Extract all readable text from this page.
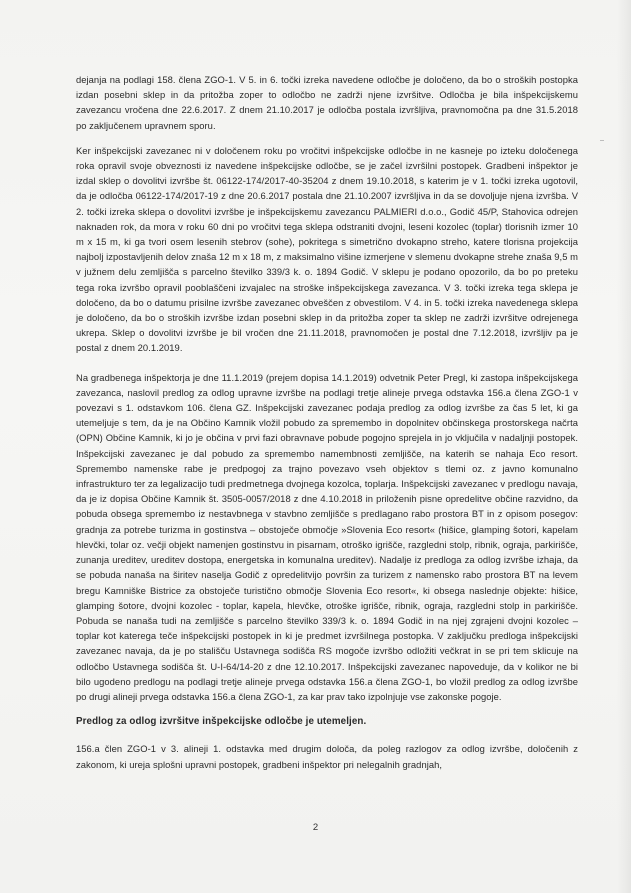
dejanja na podlagi 158. člena ZGO-1. V 5. in 6. točki izreka navedene odločbe je določeno, da bo o stroških postopka izdan posebni sklep in da pritožba zoper to odločbo ne zadrži njene izvršitve. Odločba je bila inšpekcijskemu zavezancu vročena dne 22.6.2017. Z dnem 21.10.2017 je odločba postala izvršljiva, pravnomočna pa dne 31.5.2018 po zaključenem upravnem sporu.

Ker inšpekcijski zavezanec ni v določenem roku po vročitvi inšpekcijske odločbe in ne kasneje po izteku določenega roka opravil svoje obveznosti iz navedene inšpekcijske odločbe, se je začel izvršilni postopek. Gradbeni inšpektor je izdal sklep o dovolitvi izvršbe št. 06122-174/2017-40-35204 z dnem 19.10.2018, s katerim je v 1. točki izreka ugotovil, da je odločba 06122-174/2017-19 z dne 20.6.2017 postala dne 21.10.2007 izvršljiva in da se dovoljuje njena izvršba. V 2. točki izreka sklepa o dovolitvi izvršbe je inšpekcijskemu zavezancu PALMIERI d.o.o., Godič 45/P, Stahovica odrejen naknaden rok, da mora v roku 60 dni po vročitvi tega sklepa odstraniti dvojni, leseni kozolec (toplar) tlorisnih izmer 10 m x 15 m, ki ga tvori osem lesenih stebrov (sohe), pokritega s simetrično dvokapno streho, katere tlorisna projekcija najbolj izpostavljenih delov znaša 12 m x 18 m, z maksimalno višine izmerjene v slemenu dvokapne strehe znaša 9,5 m v južnem delu zemljišča s parcelno številko 339/3 k. o. 1894 Godič. V sklepu je podano opozorilo, da bo po preteku tega roka izvršbo opravil pooblaščeni izvajalec na stroške inšpekcijskega zavezanca. V 3. točki izreka tega sklepa je določeno, da bo o datumu prisilne izvršbe zavezanec obveščen z obvestilom. V 4. in 5. točki izreka navedenega sklepa je določeno, da bo o stroških izvršbe izdan posebni sklep in da pritožba zoper ta sklep ne zadrži izvršitve odrejenega ukrepa. Sklep o dovolitvi izvršbe je bil vročen dne 21.11.2018, pravnomočen je postal dne 7.12.2018, izvršljiv pa je postal z dnem 20.1.2019.

Na gradbenega inšpektorja je dne 11.1.2019 (prejem dopisa 14.1.2019) odvetnik Peter Pregl, ki zastopa inšpekcijskega zavezanca, naslovil predlog za odlog upravne izvršbe na podlagi tretje alineje prvega odstavka 156.a člena ZGO-1 v povezavi s 1. odstavkom 106. člena GZ. Inšpekcijski zavezanec podaja predlog za odlog izvršbe za čas 5 let, ki ga utemeljuje s tem, da je na Občino Kamnik vložil pobudo za spremembo in dopolnitev občinskega prostorskega načrta (OPN) Občine Kamnik, ki jo je občina v prvi fazi obravnave pobude pogojno sprejela in jo vključila v nadaljnji postopek. Inšpekcijski zavezanec je dal pobudo za spremembo namembnosti zemljišče, na katerih se nahaja Eco resort. Spremembo namenske rabe je predpogoj za trajno povezavo vseh objektov s tlemi oz. z javno komunalno infrastrukturo ter za legalizacijo tudi predmetnega dvojnega kozolca, toplarja. Inšpekcijski zavezanec v predlogu navaja, da je iz dopisa Občine Kamnik št. 3505-0057/2018 z dne 4.10.2018 in priloženih pisne opredelitve občine razvidno, da pobuda obsega spremembo iz nestavbnega v stavbno zemljišče s predlagano rabo prostora BT in z opisom posegov: gradnja za potrebe turizma in gostinstva – obstoječe območje »Slovenia Eco resort« (hišice, glamping šotori, kapelam hlevčki, tolar oz. večji objekt namenjen gostinstvu in pisarnam, otroško igrišče, razgledni stolp, ribnik, ograja, parkirišče, zunanja ureditev, ureditev dostopa, energetska in komunalna ureditev). Nadalje iz predloga za odlog izvršbe izhaja, da se pobuda nanaša na širitev naselja Godič z opredelitvijo površin za turizem z namensko rabo prostora BT na levem bregu Kamniške Bistrice za obstoječe turistično območje Slovenia Eco resort«, ki obsega naslednje objekte: hišice, glamping šotore, dvojni kozolec - toplar, kapela, hlevčke, otroške igrišče, ribnik, ograja, razgledni stolp in parkirišče. Pobuda se nanaša tudi na zemljišče s parcelno številko 339/3 k. o. 1894 Godič in na njej zgrajeni dvojni kozolec – toplar kot katerega teče inšpekcijski postopek in ki je predmet izvršilnega postopka. V zaključku predloga inšpekcijski zavezanec navaja, da je po stališču Ustavnega sodišča RS mogoče izvršbo odložiti večkrat in se pri tem sklicuje na odločbo Ustavnega sodišča št. U-I-64/14-20 z dne 12.10.2017. Inšpekcijski zavezanec napoveduje, da v kolikor ne bi bilo ugodeno predlogu na podlagi tretje alineje prvega odstavka 156.a člena ZGO-1, bo vložil predlog za odlog izvršbe po drugi alineji prvega odstavka 156.a člena ZGO-1, za kar prav tako izpolnjuje vse zakonske pogoje.

Predlog za odlog izvršitve inšpekcijske odločbe je utemeljen.

156.a člen ZGO-1 v 3. alineji 1. odstavka med drugim določa, da poleg razlogov za odlog izvršbe, določenih z zakonom, ki ureja splošni upravni postopek, gradbeni inšpektor pri nelegalnih gradnjah,

2
